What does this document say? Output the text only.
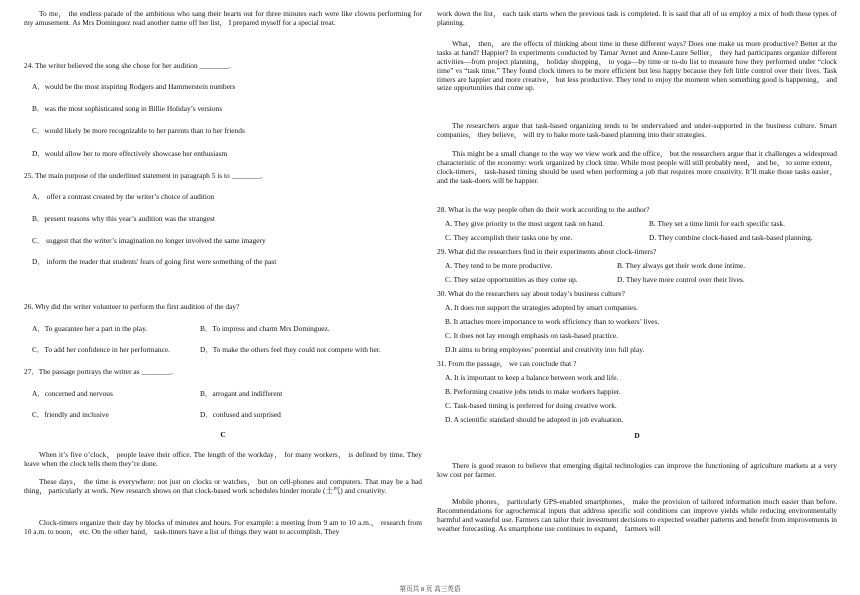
To me， the endless parade of the ambitious who sang their hearts out for three minutes each were like clowns performing for my amusement. As Mrs Dominguez read another name off her list， I prepared myself for a special treat.
24. The writer believed the song she chose for her audition ________.
A．would be the most inspiring Rodgers and Hammerstein numbers
B．was the most sophisticated song in Billie Holiday’s versions
C．would likely be more recognizable to her parents than to her friends
D．would allow her to more effectively showcase her enthusiasm
25. The main purpose of the underlined statement in paragraph 5 is to ________.
A． offer a contrast created by the writer’s choice of audition
B．present reasons why this year’s audition was the strangest
C． suggest that the writer’s imagination no longer involved the same imagery
D． inform the reader that students' fears of going first were something of the past
26. Why did the writer volunteer to perform the first audition of the day?
A．To guarantee her a part in the play.	B．To impress and charm Mrs Dominguez.
C．To add her confidence in her performance.	D．To make the others feel they could not compete with her.
27．The passage portrays the writer as ________.
A．concerned and nervous	B．arrogant and indifferent
C．friendly and inclusive	D．confused and surprised
C
When it’s five o’clock， people leave their office. The length of the workday， for many workers， is defined by time. They leave when the clock tells them they’re done.
These days， the time is everywhere: not just on clocks or watches， but on cell-phones and computers. That may be a bad thing， particularly at work. New research shows on that clock-based work schedules hinder morale (士气) and creativity.
Clock-timers organize their day by blocks of minutes and hours. For example: a meeting from 9 am to 10 a.m.， research from 10 a.m. to noon， etc. On the other hand， task-timers have a list of things they want to accomplish. They
work down the list， each task starts when the previous task is completed. It is said that all of us employ a mix of both these types of planning.
What， then， are the effects of thinking about time in these different ways? Does one make us more productive? Better at the tasks at hand? Happier? In experiments conducted by Tamar Avnet and Anne-Laure Sellier， they had participants organize different activities—from project planning， holiday shopping， to yoga—by time or to-do list to measure how they performed under “clock time” vs “task time.” They found clock timers to be more efficient but less happy because they felt little control over their lives. Task timers are happier and more creative， but less productive. They tend to enjoy the moment when something good is happening， and seize opportunities that come up.
The researchers argue that task-based organizing tends to be undervalued and under-supported in the business culture. Smart companies， they believe， will try to bake more task-based planning into their strategies.
This might be a small change to the way we view work and the office， but the researchers argue that it challenges a widespread characteristic of the economy: work organized by clock time. While most people will still probably need， and be， to some extent， clock-timers， task-based timing should be used when performing a job that requires more creativity. It’ll make those tasks easier， and the task-doers will be happier.
28. What is the way people often do their work according to the author?
A. They give priority to the most urgent task on hand.	B. They set a time limit for each specific task.
C. They accomplish their tasks one by one.	D. They combine clock-based and task-based planning.
29. What did the researchers find in their experiments about clock-timers?
A. They tend to be more productive.	B. They always get their work done intime.
C. They seize opportunities as they come up.	D. They have more control over their lives.
30. What do the researchers say about today’s business culture?
A. It does not support the strategies adopted by smart companies.
B. It attaches more importance to work efficiency than to workers’ lives.
C. It does not lay enough emphasis on task-based practice.
D.It aims to bring employees’ potential and creativity into full play.
31. From the passage， we can conclude that ?
A. It is important to keep a balance between work and life.
B. Performing creative jobs tends to make workers happier.
C. Task-based timing is preferred for doing creative work.
D. A scientific standard should be adopted in job evaluation.
D
There is good reason to believe that emerging digital technologies can improve the functioning of agriculture markets at a very low cost per farmer.
Mobile phones， particularly GPS-enabled smartphones， make the provision of tailored information much easier than before. Recommendations for agrochemical inputs that address specific soil conditions can improve yields while reducing environmentally harmful and wasteful use. Farmers can tailor their investment decisions to expected weather patterns and benefit from improvements in weather forecasting. As smartphone use continues to expand， farmers will
第页共 8 页 高三英语
